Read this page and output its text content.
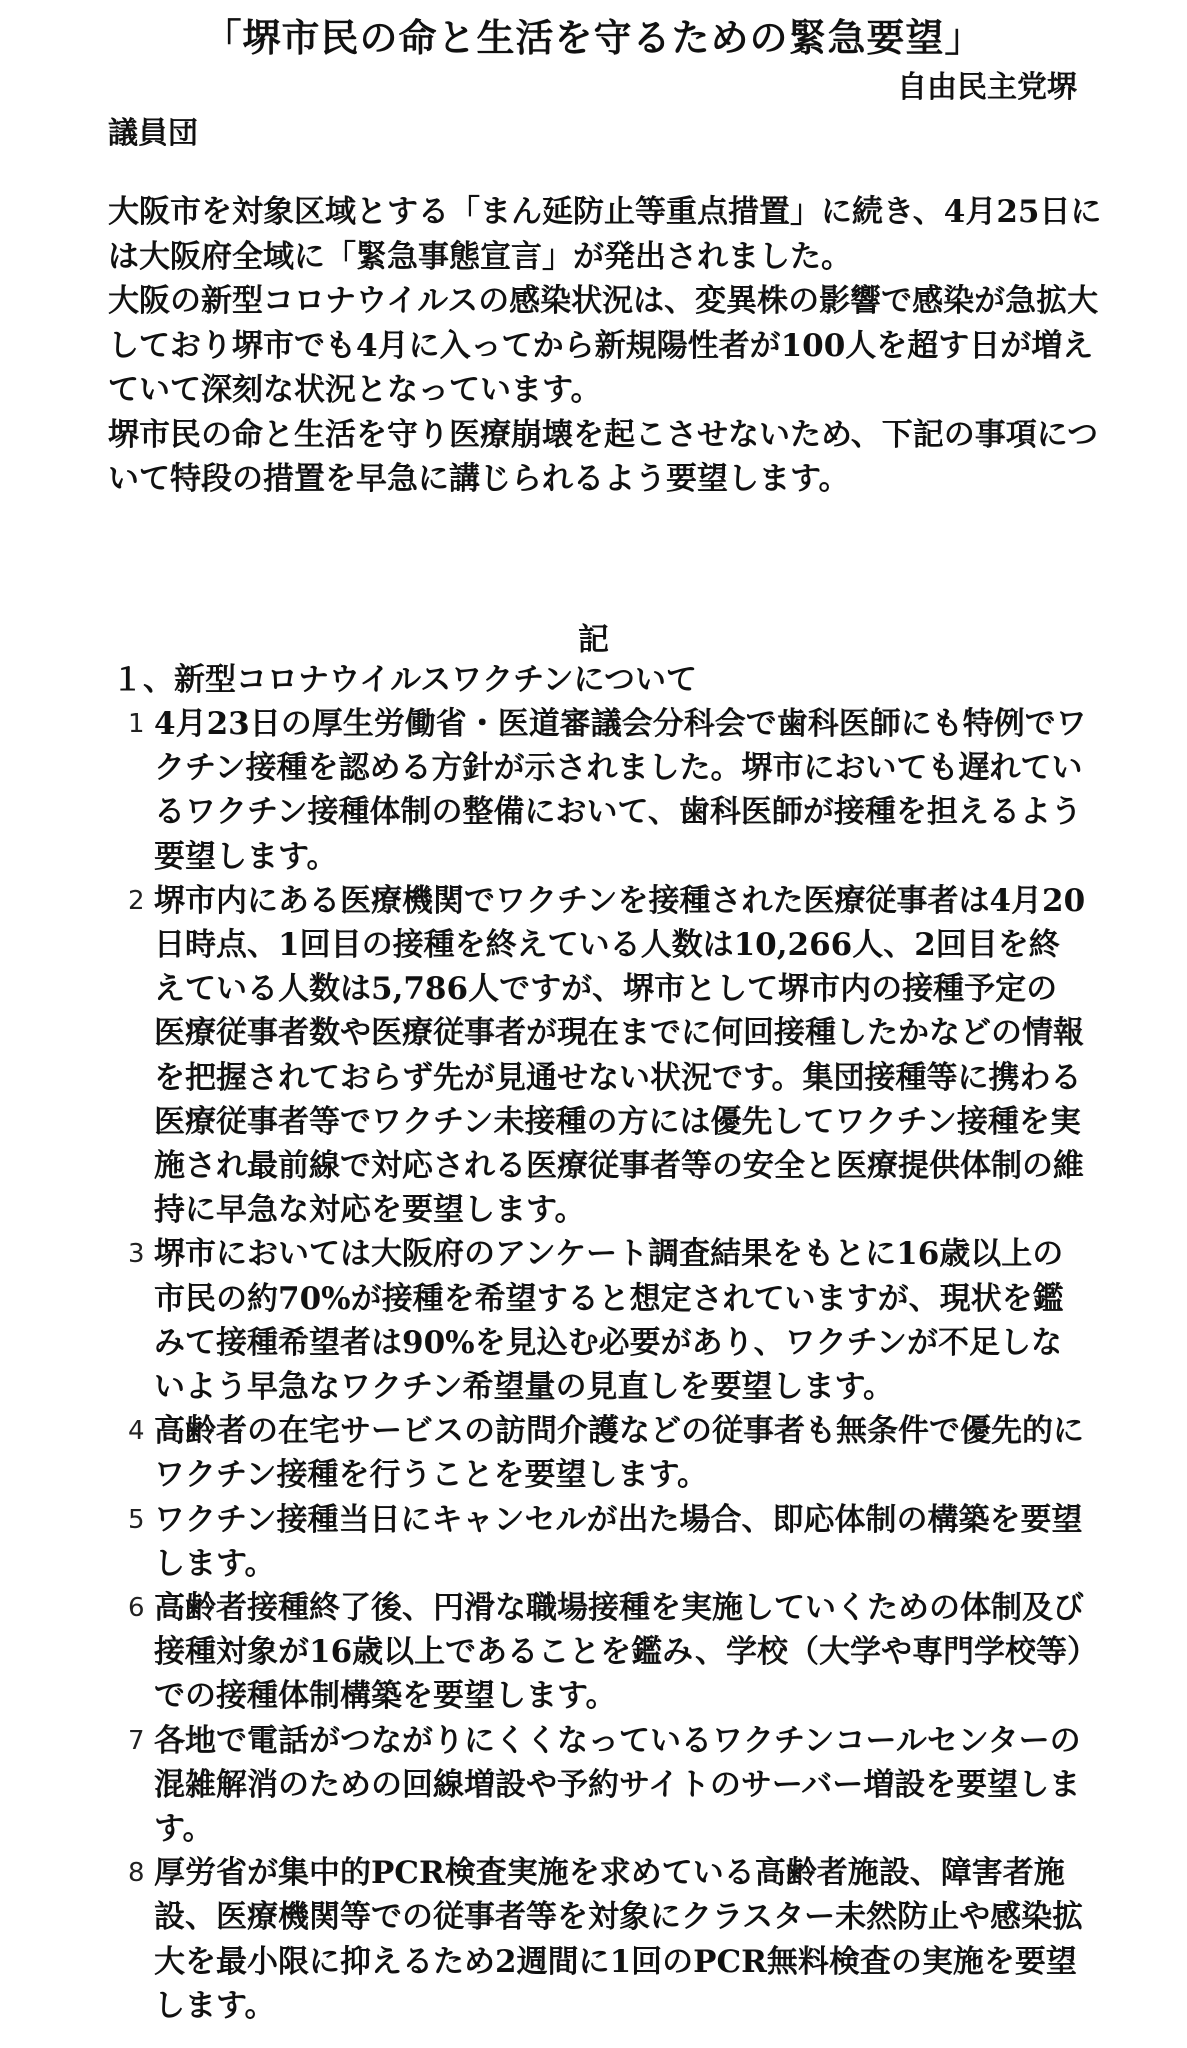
「堺市民の命と生活を守るための緊急要望」
自由民主党堺
議員団

大阪市を対象区域とする「まん延防止等重点措置」に続き、4月25日には大阪府全域に「緊急事態宣言」が発出されました。

大阪の新型コロナウイルスの感染状況は、変異株の影響で感染が急拡大しており堺市でも4月に入ってから新規陽性者が100人を超す日が増えていて深刻な状況となっています。

堺市民の命と生活を守り医療崩壊を起こさせないため、下記の事項について特段の措置を早急に講じられるよう要望します。

記
１、新型コロナウイルスワクチンについて
1 4月23日の厚生労働省・医道審議会分科会で歯科医師にも特例でワクチン接種を認める方針が示されました。堺市においても遅れているワクチン接種体制の整備において、歯科医師が接種を担えるよう要望します。
2 堺市内にある医療機関でワクチンを接種された医療従事者は4月20日時点、1回目の接種を終えている人数は10,266人、2回目を終えている人数は5,786人ですが、堺市として堺市内の接種予定の医療従事者数や医療従事者が現在までに何回接種したかなどの情報を把握されておらず先が見通せない状況です。集団接種等に携わる医療従事者等でワクチン未接種の方には優先してワクチン接種を実施され最前線で対応される医療従事者等の安全と医療提供体制の維持に早急な対応を要望します。
3 堺市においては大阪府のアンケート調査結果をもとに16歳以上の市民の約70%が接種を希望すると想定されていますが、現状を鑑みて接種希望者は90%を見込む必要があり、ワクチンが不足しないよう早急なワクチン希望量の見直しを要望します。
4 高齢者の在宅サービスの訪問介護などの従事者も無条件で優先的にワクチン接種を行うことを要望します。
5 ワクチン接種当日にキャンセルが出た場合、即応体制の構築を要望します。
6 高齢者接種終了後、円滑な職場接種を実施していくための体制及び接種対象が16歳以上であることを鑑み、学校（大学や専門学校等）での接種体制構築を要望します。
7 各地で電話がつながりにくくなっているワクチンコールセンターの混雑解消のための回線増設や予約サイトのサーバー増設を要望します。
8 厚労省が集中的PCR検査実施を求めている高齢者施設、障害者施設、医療機関等での従事者等を対象にクラスター未然防止や感染拡大を最小限に抑えるため2週間に1回のPCR無料検査の実施を要望します。
